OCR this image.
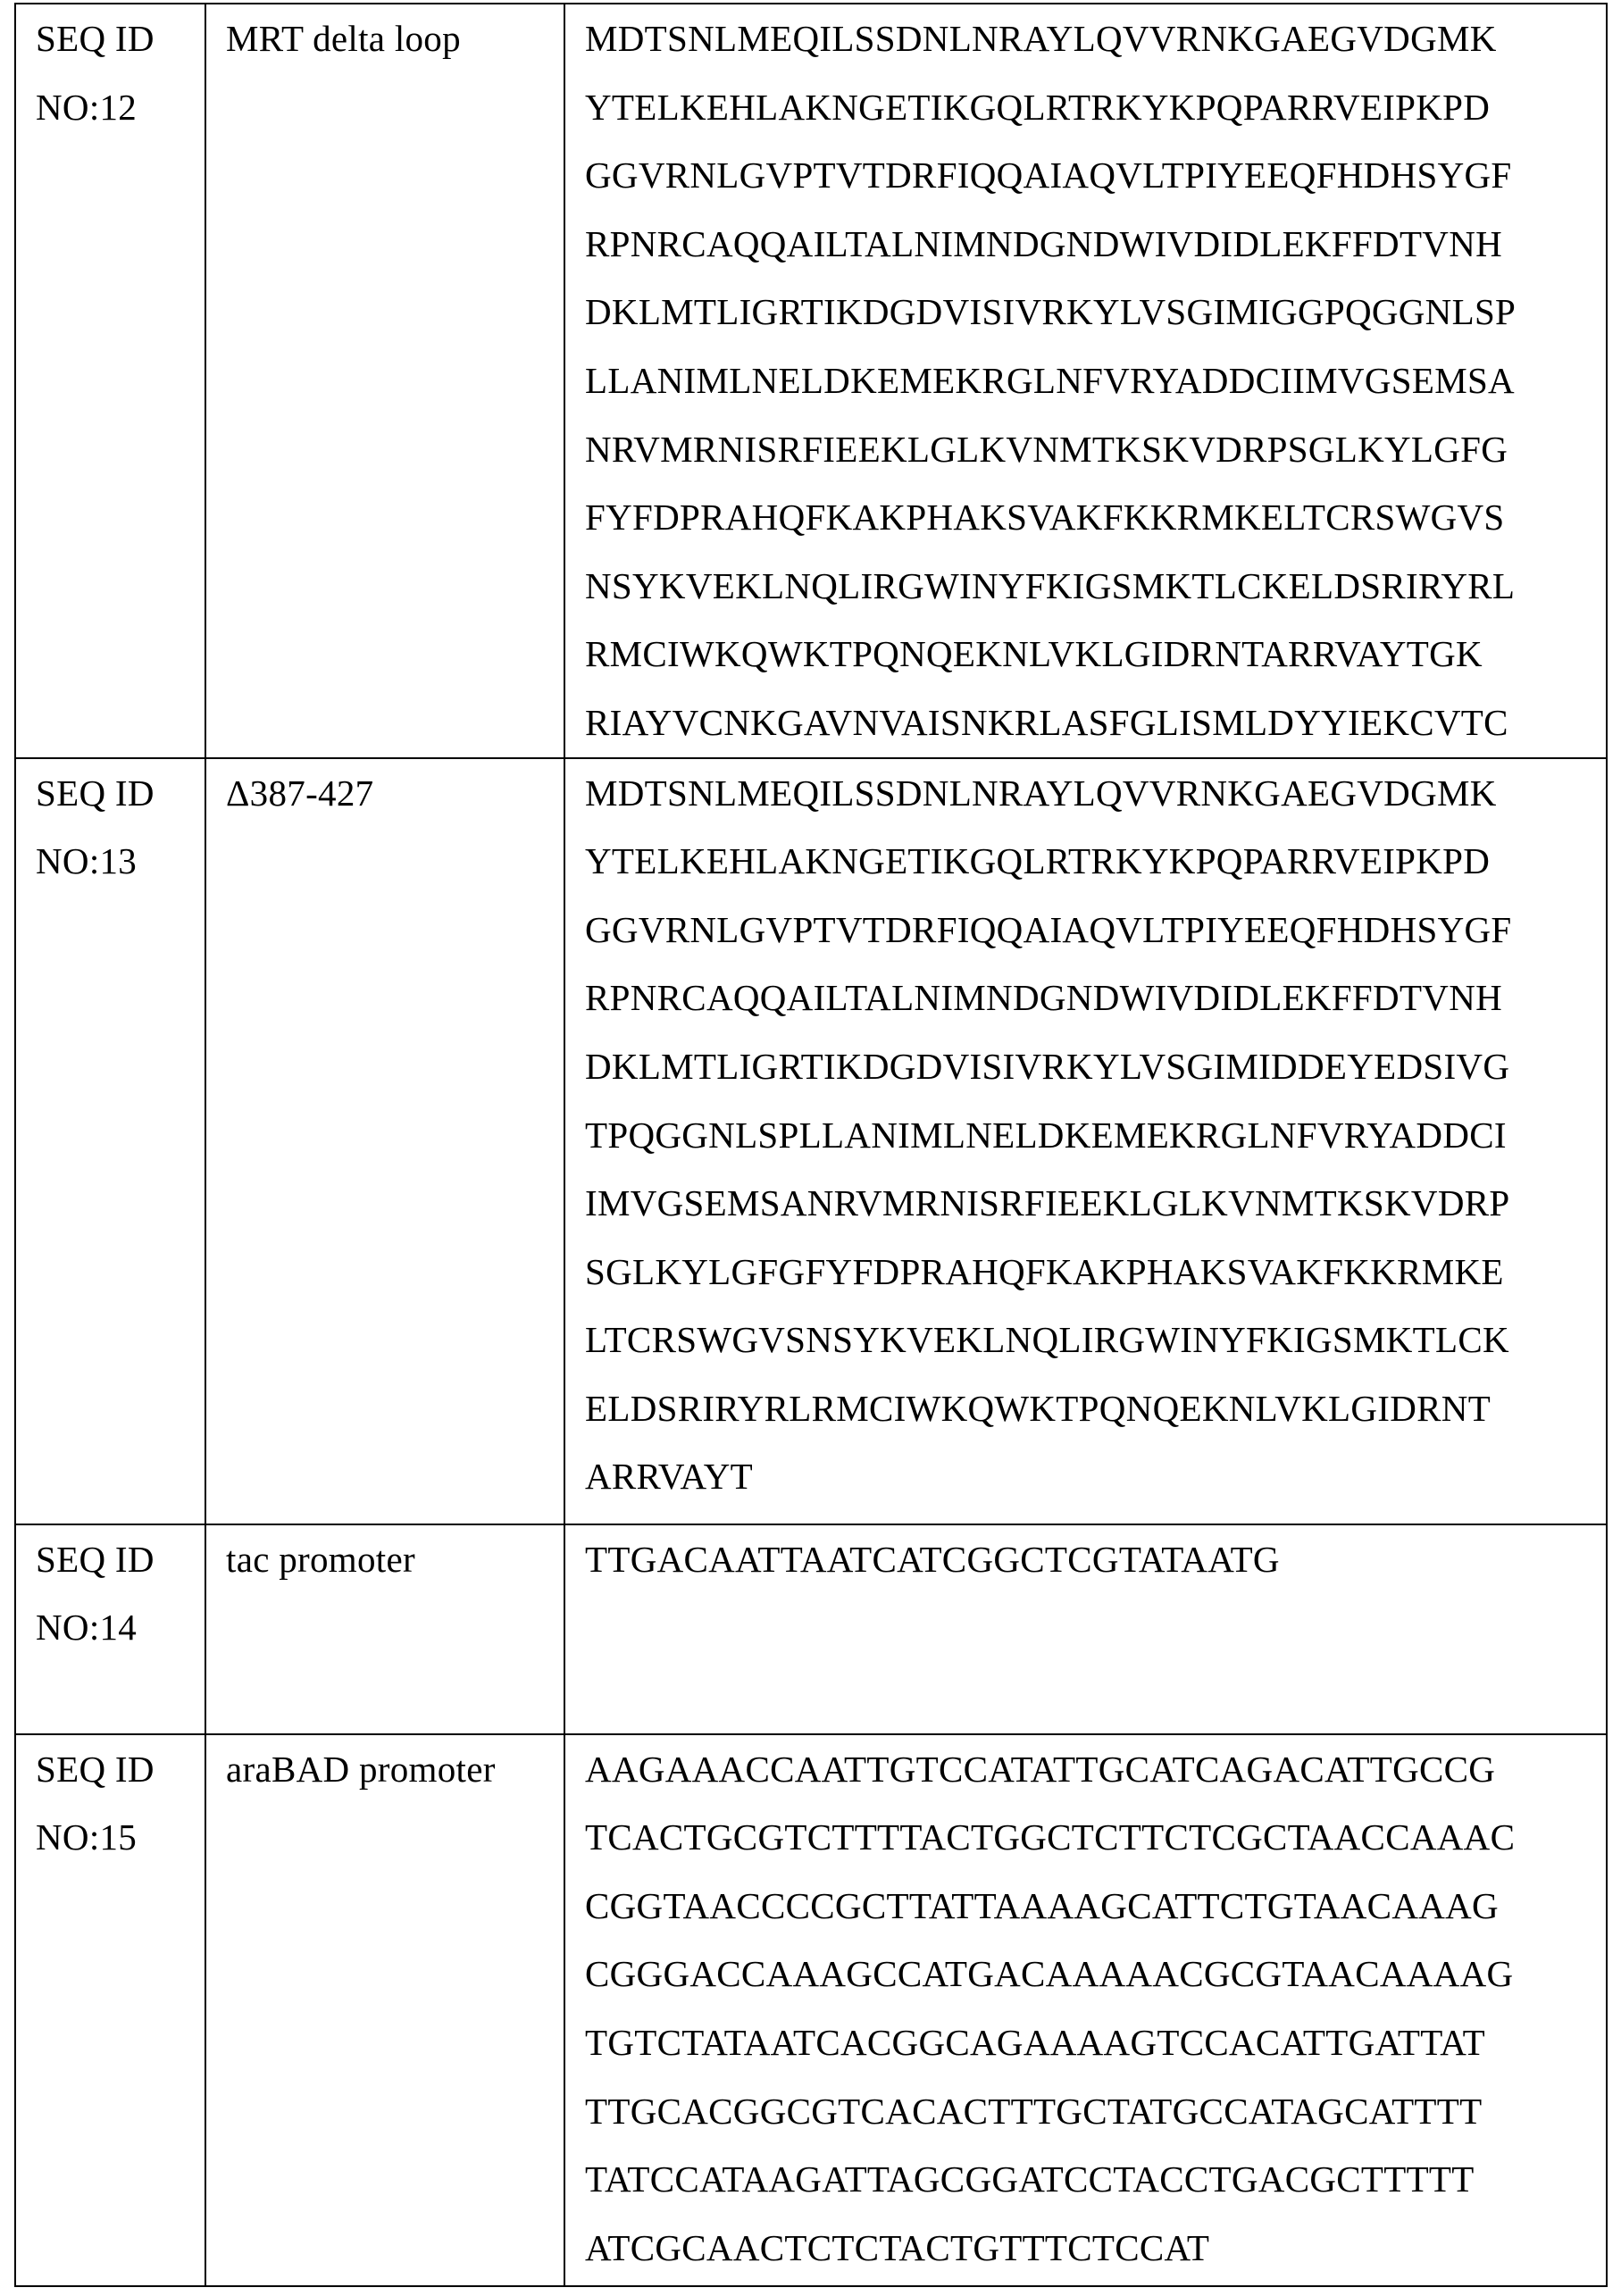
SEQ ID
NO:12

MRT delta loop	MDTSNLMEQILSSDNLNRAYLQVVRNKGAEGVDGMK
YTELKEHLAKNGETIKGQLRTRKYKPQPARRVEIPKPD
GGVRNLGVPTVTDRFIQQAIAQVLTPIYEEQFHDHSYGF
RPNRCAQQAILTALNIMNDGNDWIVDIDLEKFFDTVNH
DKLMTLIGRTIKDGDVISIVRKYLVSGIMIGGPQGGNLSP
LLANIMLNELDKEMEKRGLNFVRYADDCIIMVGSEMSA
NRVMRNISRFIEEKLGLKVNMTKSKVDRPSGLKYLGFG
FYFDPRAHQFKAKPHAKSVAKFKKRMKELTCRSWGVS
NSYKVEKLNQLIRGWINYFKIGSMKTLCKELDSRIRYRL
RMCIWKQWKTPQNQEKNLVKLGIDRNTARRVAYTGK
RIAYVCNKGAVNVAISNKRLASFGLISMLDYYIEKCVTC

SEQ ID
NO:13

Δ387-427	MDTSNLMEQILSSDNLNRAYLQVVRNKGAEGVDGMK
YTELKEHLAKNGETIKGQLRTRKYKPQPARRVEIPKPD
GGVRNLGVPTVTDRFIQQAIAQVLTPIYEEQFHDHSYGF
RPNRCAQQAILTALNIMNDGNDWIVDIDLEKFFDTVNH
DKLMTLIGRTIKDGDVISIVRKYLVSGIMIDDEYEDSIVG
TPQGGNLSPLLANIMLNELDKEMEKRGLNFVRYADDCI
IMVGSEMSANRVMRNISRFIEEKLGLKVNMTKSKVDRP
SGLKYLGFGFYFDPRAHQFKAKPHAKSVAKFKKRMKE
LTCRSWGVSNSYKVEKLNQLIRGWINYFKIGSMKTLCK
ELDSRIRYRLRMCIWKQWKTPQNQEKNLVKLGIDRNT
ARRVAYT

SEQ ID
NO:14

tac promoter	TTGACAATTAATCATCGGCTCGTATAATG

SEQ ID
NO:15

araBAD promoter	AAGAAACCAATTGTCCATATTGCATCAGACATTGCCG
TCACTGCGTCTTTTACTGGCTCTTCTCGCTAACCAAAC
CGGTAACCCCGCTTATTAAAAGCATTCTGTAACAAAG
CGGGACCAAAGCCATGACAAAAACGCGTAACAAAAG
TGTCTATAATCACGGCAGAAAAGTCCACATTGATTAT
TTGCACGGCGTCACACTTTGCTATGCCATAGCATTTT
TATCCATAAGATTAGCGGATCCTACCTGACGCTTTTT
ATCGCAACTCTCTACTGTTTCTCCAT
